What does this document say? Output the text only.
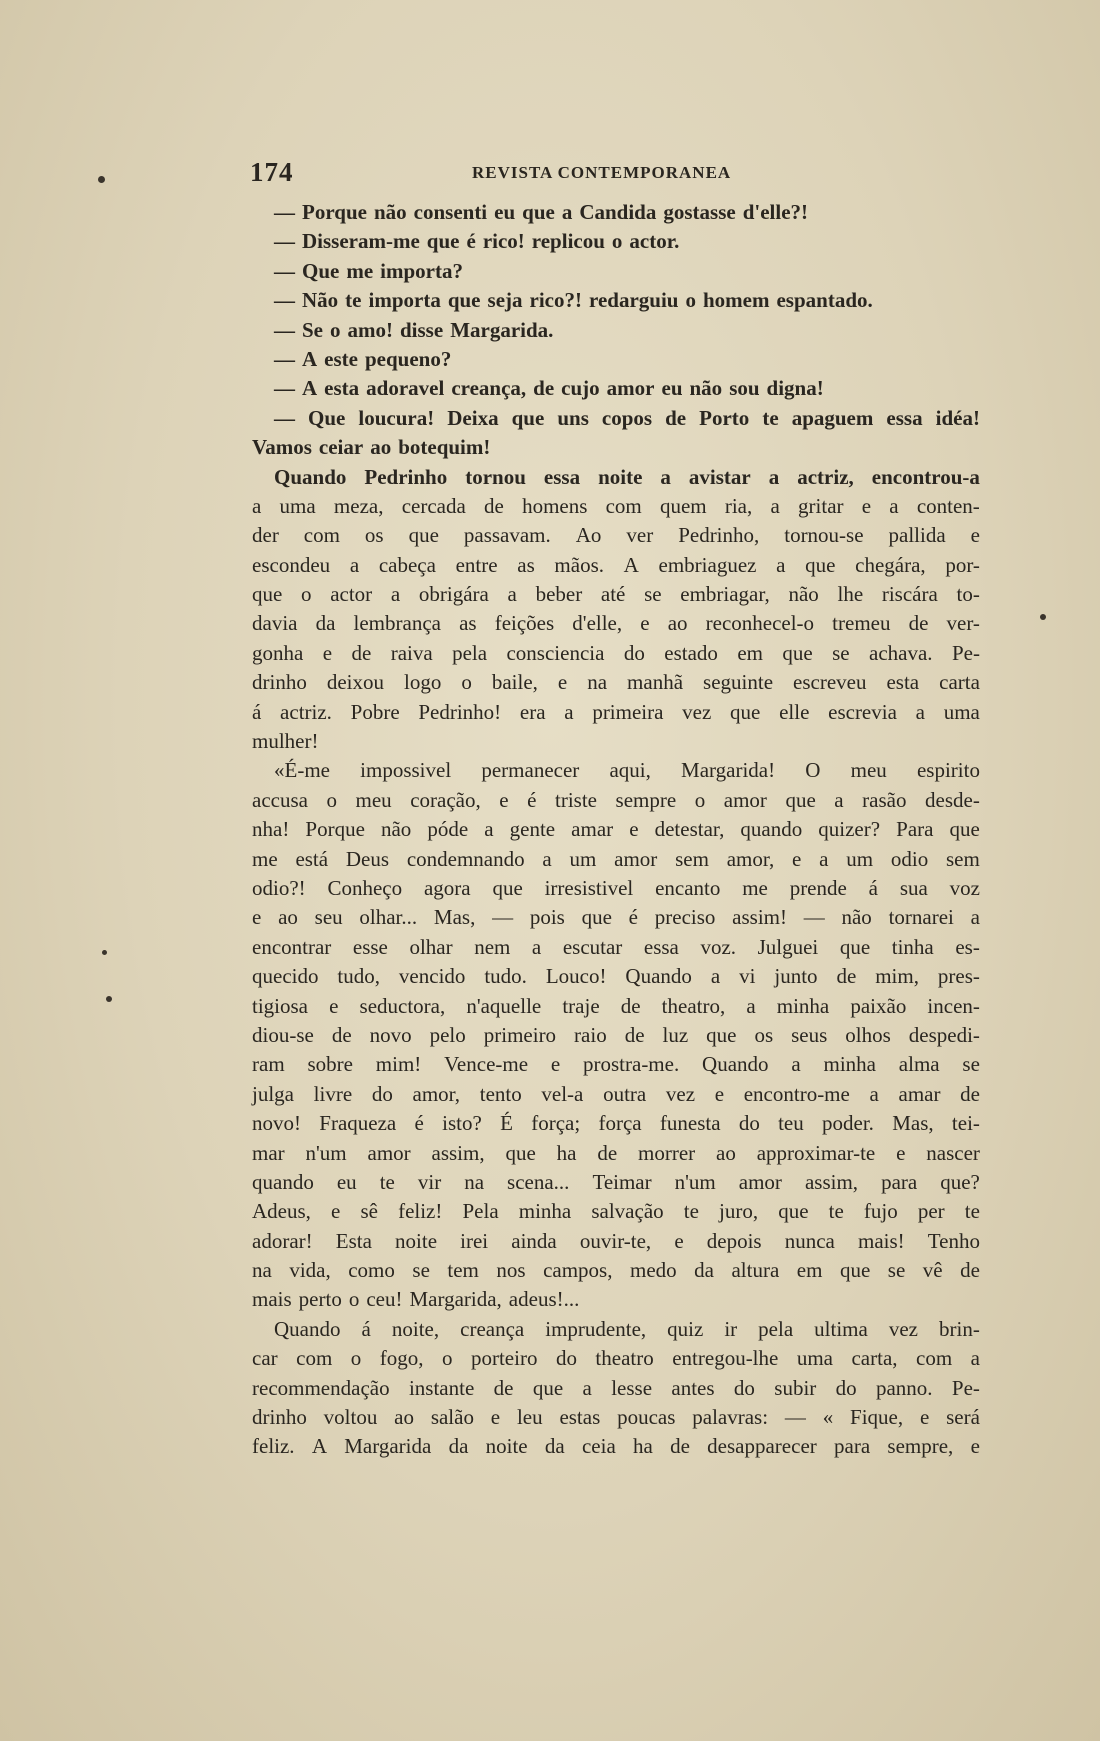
174	REVISTA CONTEMPORANEA
— Porque não consenti eu que a Candida gostasse d'elle?!
— Disseram-me que é rico! replicou o actor.
— Que me importa?
— Não te importa que seja rico?! redarguiu o homem espantado.
— Se o amo! disse Margarida.
— A este pequeno?
— A esta adoravel creança, de cujo amor eu não sou digna!
— Que loucura! Deixa que uns copos de Porto te apaguem essa idéa!
Vamos ceiar ao botequim!
Quando Pedrinho tornou essa noite a avistar a actriz, encontrou-a
a uma meza, cercada de homens com quem ria, a gritar e a conten-
der com os que passavam. Ao ver Pedrinho, tornou-se pallida e
escondeu a cabeça entre as mãos. A embriaguez a que chegára, por-
que o actor a obrigára a beber até se embriagar, não lhe riscára to-
davia da lembrança as feições d'elle, e ao reconhecel-o tremeu de ver-
gonha e de raiva pela consciencia do estado em que se achava. Pe-
drinho deixou logo o baile, e na manhã seguinte escreveu esta carta
á actriz. Pobre Pedrinho! era a primeira vez que elle escrevia a uma
mulher!
«É-me impossivel permanecer aqui, Margarida! O meu espirito
accusa o meu coração, e é triste sempre o amor que a rasão desde-
nha! Porque não póde a gente amar e detestar, quando quizer? Para que
me está Deus condemnando a um amor sem amor, e a um odio sem
odio?! Conheço agora que irresistivel encanto me prende á sua voz
e ao seu olhar... Mas, — pois que é preciso assim! — não tornarei a
encontrar esse olhar nem a escutar essa voz. Julguei que tinha es-
quecido tudo, vencido tudo. Louco! Quando a vi junto de mim, pres-
tigiosa e seductora, n'aquelle traje de theatro, a minha paixão incen-
diou-se de novo pelo primeiro raio de luz que os seus olhos despedi-
ram sobre mim! Vence-me e prostra-me. Quando a minha alma se
julga livre do amor, tento vel-a outra vez e encontro-me a amar de
novo! Fraqueza é isto? É força; força funesta do teu poder. Mas, tei-
mar n'um amor assim, que ha de morrer ao approximar-te e nascer
quando eu te vir na scena... Teimar n'um amor assim, para que?
Adeus, e sê feliz! Pela minha salvação te juro, que te fujo per te
adorar! Esta noite irei ainda ouvir-te, e depois nunca mais! Tenho
na vida, como se tem nos campos, medo da altura em que se vê de
mais perto o ceu! Margarida, adeus!...
Quando á noite, creança imprudente, quiz ir pela ultima vez brin-
car com o fogo, o porteiro do theatro entregou-lhe uma carta, com a
recommendação instante de que a lesse antes do subir do panno. Pe-
drinho voltou ao salão e leu estas poucas palavras: — « Fique, e será
feliz. A Margarida da noite da ceia ha de desapparecer para sempre, e
